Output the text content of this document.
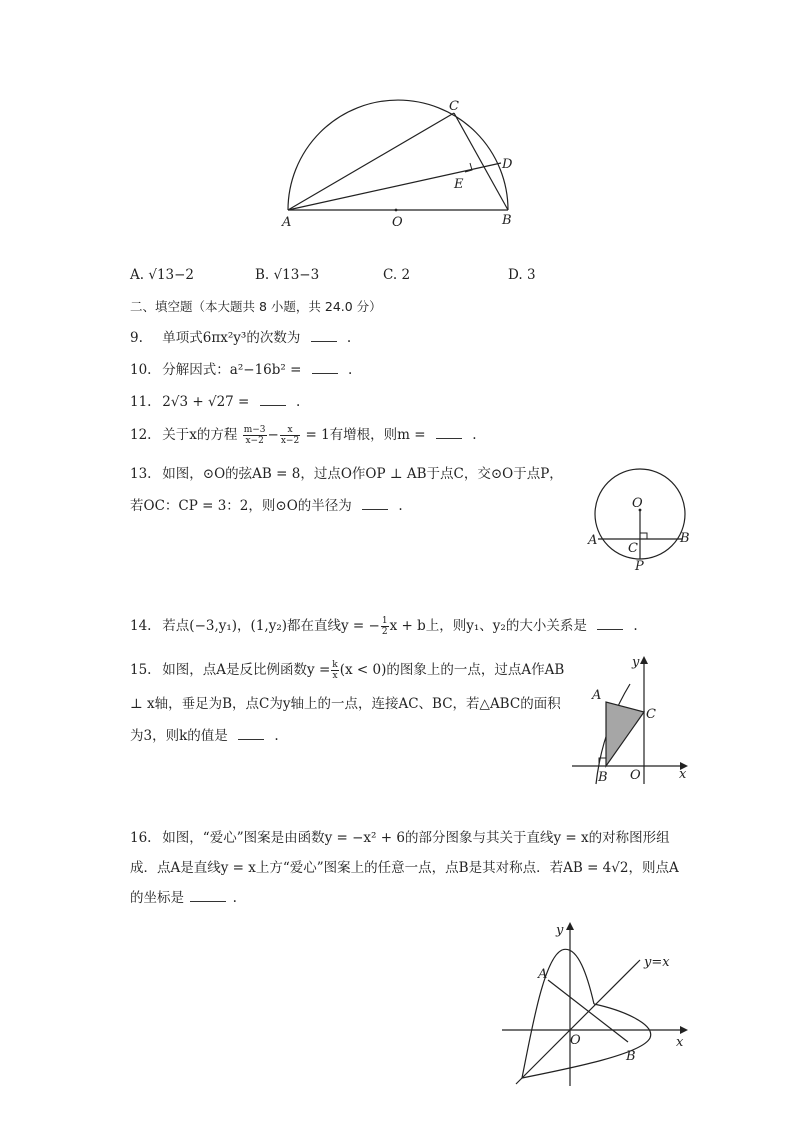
A	O	B
C
D
E
A. √13−2	B. √13−3	C. 2	D. 3
二、填空题（本大题共 8 小题，共 24.0 分）
9. 单项式6πx²y³的次数为	.
10. 分解因式：a²−16b² =	.
11. 2√3 + √27 =	.
12. 关于x的方程 $\frac{m-3}{x-2} - \frac{x}{x-2} = 1$有增根，则m =	.
13. 如图，⊙O的弦AB = 8，过点O作OP ⊥ AB于点C，交⊙O于点P，
若OC：CP = 3：2，则⊙O的半径为	.	O
A	B
C
P
14. 若点(−3,y₁)，(1,y₂)都在直线y = − $\frac{1}{2}$ x + b上，则y₁、y₂的大小关系是	.
15. 如图，点A是反比例函数$y = \frac{k}{x} (x < 0)$的图象上的一点，过点A作AB
⊥ x轴，垂足为B，点C为y轴上的一点，连接AC、BC，若△ABC的面积
为3，则k的值是	.
y
A
C
B O	x
16. 如图，“爱心”图案是由函数y = −x² + 6的部分图象与其关于直线y = x的对称图形组
成．点A是直线y = x上方“爱心”图案上的任意一点，点B是其对称点．若AB = 4√2，则点A
的坐标是	.
y
y=x
A
O
B
x
